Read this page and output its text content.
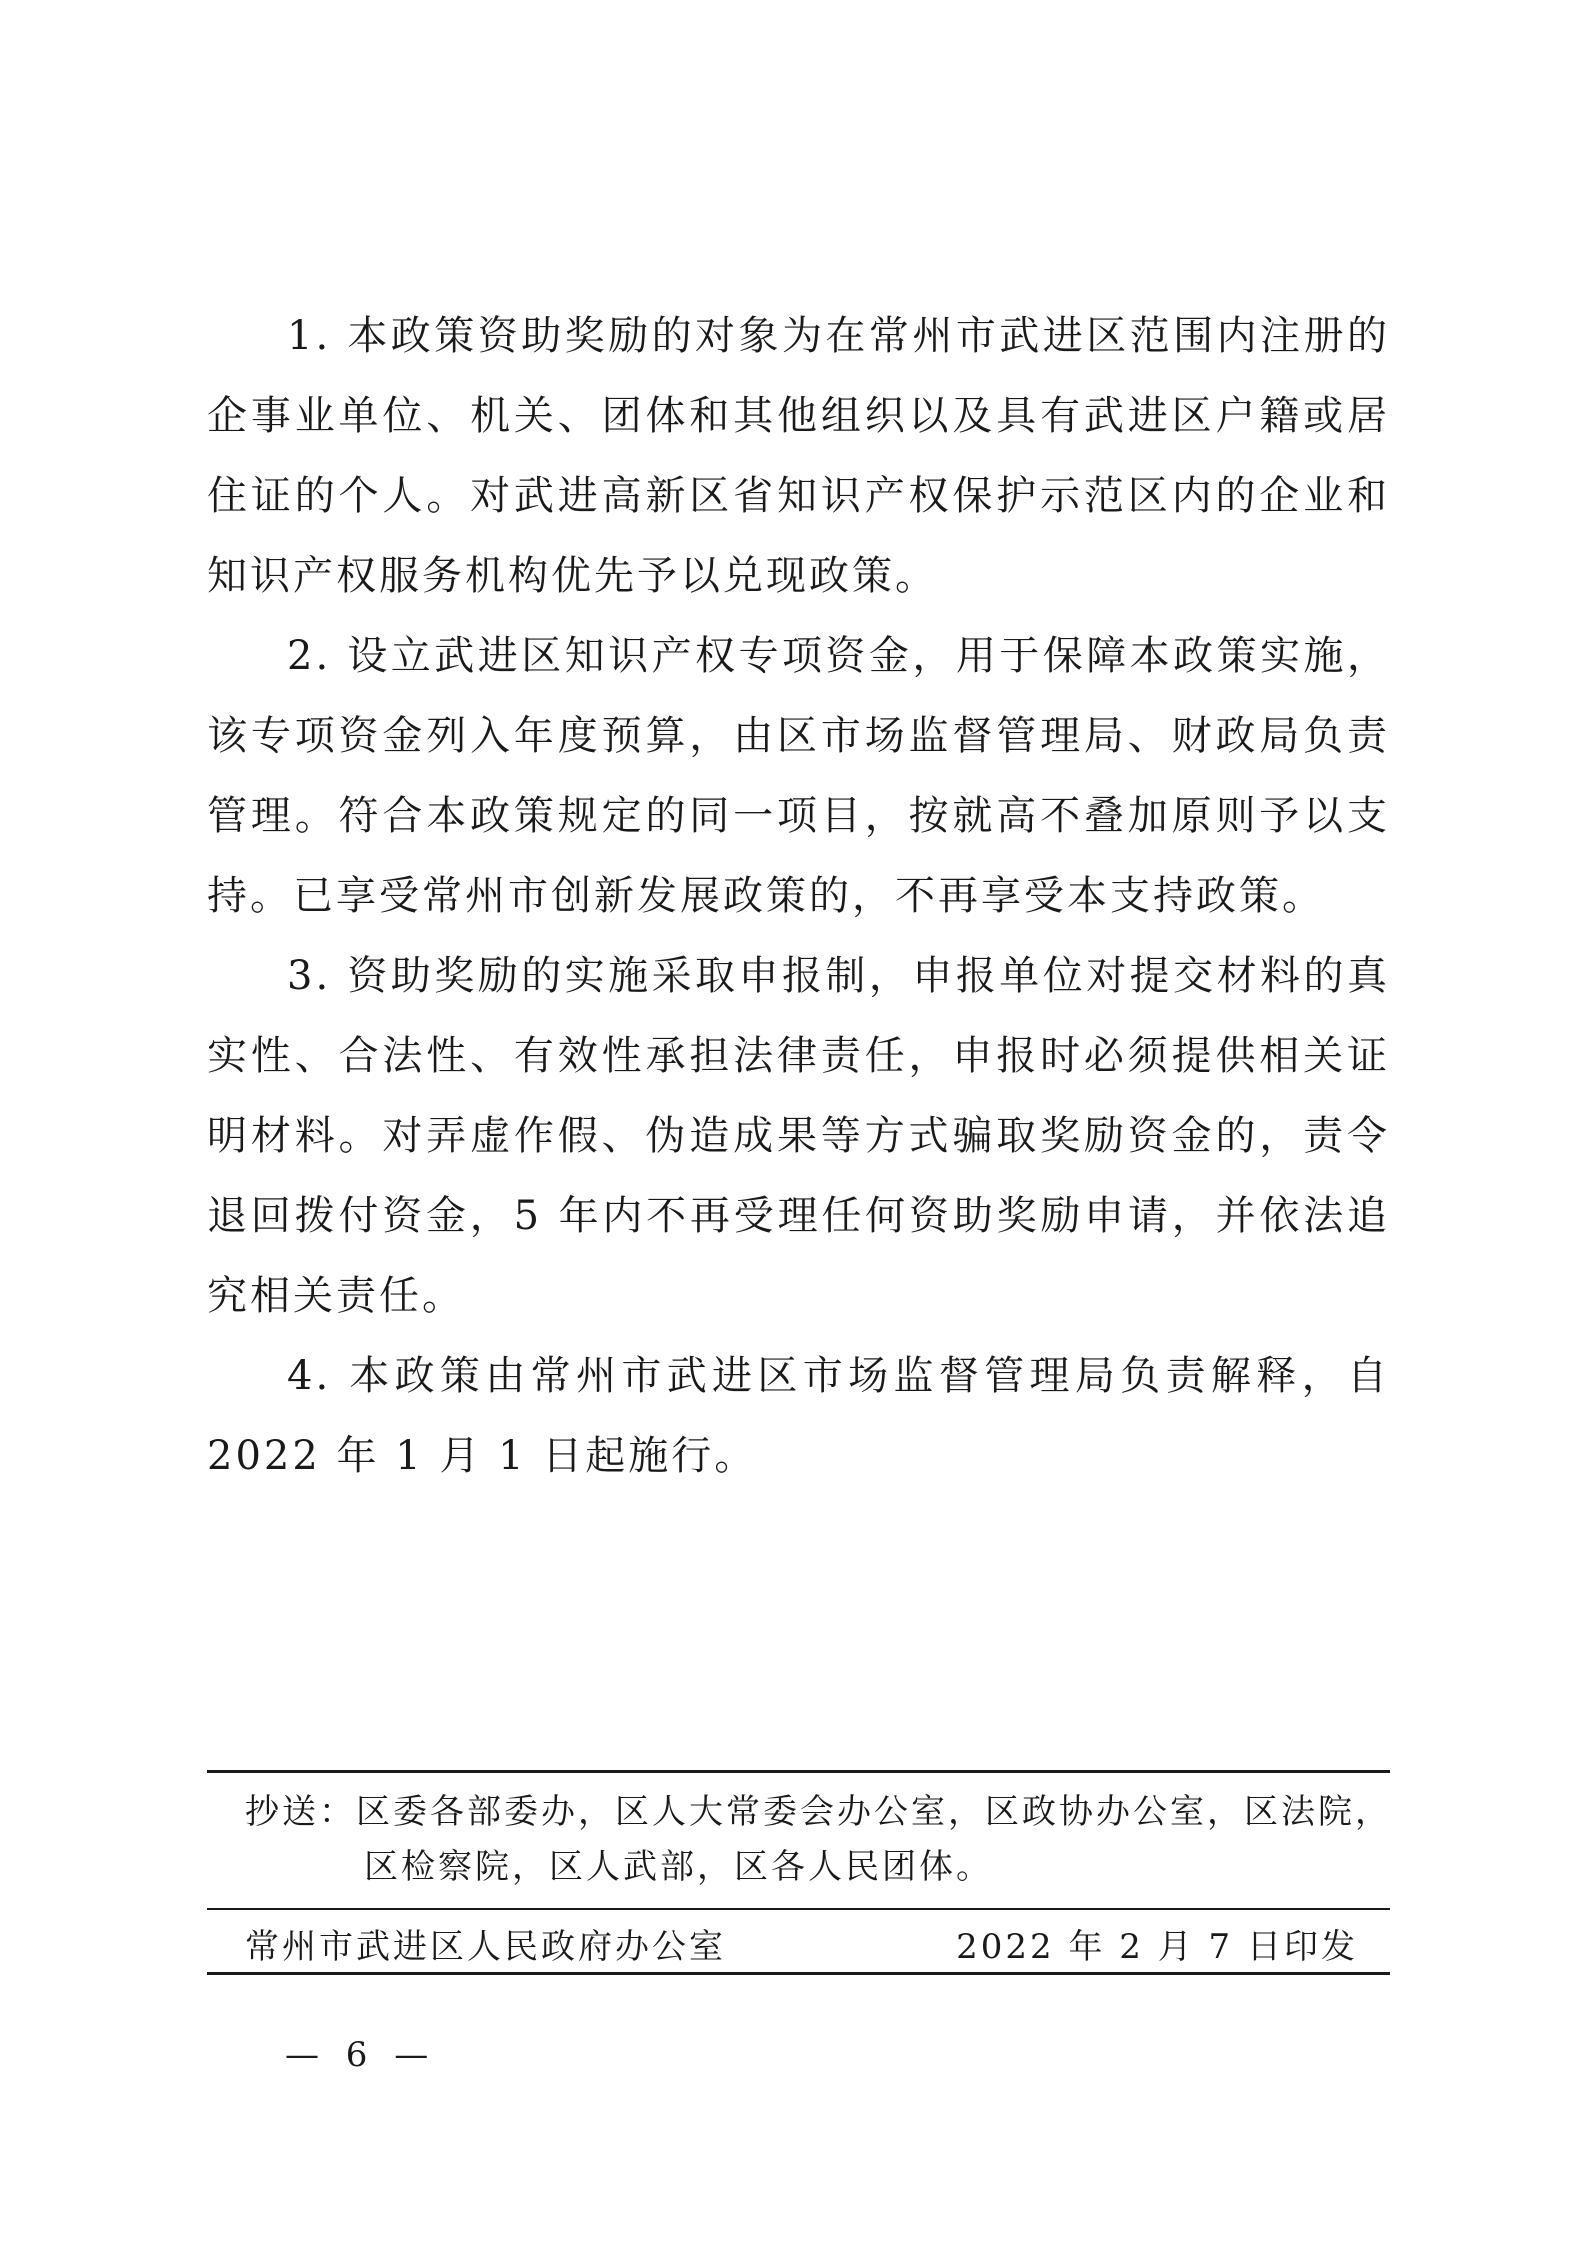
1. 本政策资助奖励的对象为在常州市武进区范围内注册的企事业单位、机关、团体和其他组织以及具有武进区户籍或居住证的个人。对武进高新区省知识产权保护示范区内的企业和知识产权服务机构优先予以兑现政策。

2. 设立武进区知识产权专项资金，用于保障本政策实施，该专项资金列入年度预算，由区市场监督管理局、财政局负责管理。符合本政策规定的同一项目，按就高不叠加原则予以支持。已享受常州市创新发展政策的，不再享受本支持政策。

3. 资助奖励的实施采取申报制，申报单位对提交材料的真实性、合法性、有效性承担法律责任，申报时必须提供相关证明材料。对弄虚作假、伪造成果等方式骗取奖励资金的，责令退回拨付资金，5 年内不再受理任何资助奖励申请，并依法追究相关责任。

4. 本政策由常州市武进区市场监督管理局负责解释，自 2022 年 1 月 1 日起施行。

抄送：区委各部委办，区人大常委会办公室，区政协办公室，区法院，
区检察院，区人武部，区各人民团体。
常州市武进区人民政府办公室	2022 年 2 月 7 日印发
— 6 —
